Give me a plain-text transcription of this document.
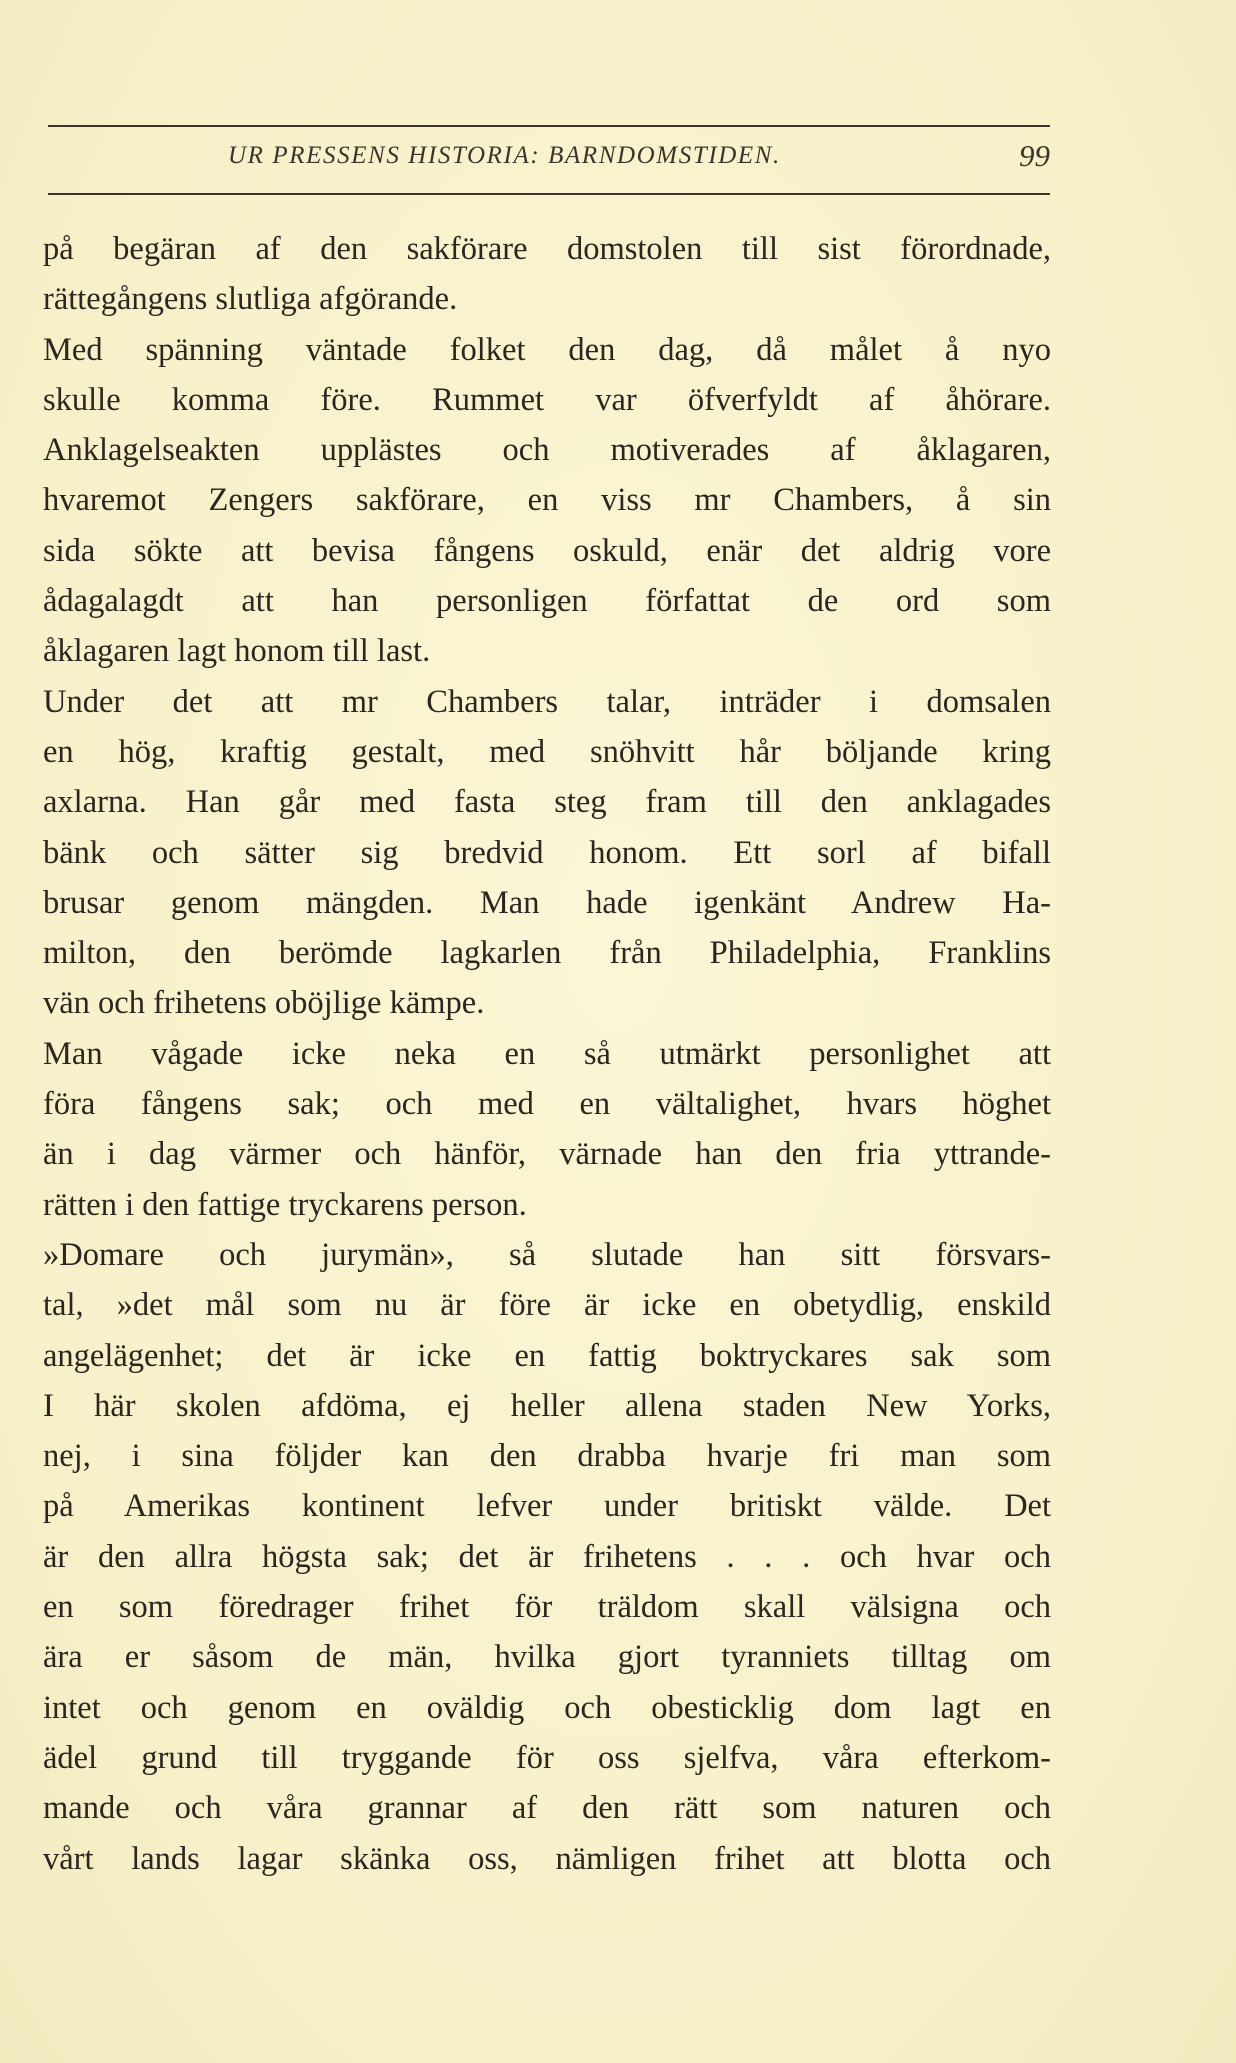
UR PRESSENS HISTORIA: BARNDOMSTIDEN.	99
på begäran af den sakförare domstolen till sist förordnade,
rättegångens slutliga afgörande.
Med spänning väntade folket den dag, då målet å nyo
skulle komma före. Rummet var öfverfyldt af åhörare.
Anklagelseakten upplästes och motiverades af åklagaren,
hvaremot Zengers sakförare, en viss mr Chambers, å sin
sida sökte att bevisa fångens oskuld, enär det aldrig vore
ådagalagdt att han personligen författat de ord som
åklagaren lagt honom till last.
Under det att mr Chambers talar, inträder i domsalen
en hög, kraftig gestalt, med snöhvitt hår böljande kring
axlarna. Han går med fasta steg fram till den anklagades
bänk och sätter sig bredvid honom. Ett sorl af bifall
brusar genom mängden. Man hade igenkänt Andrew Ha-
milton, den berömde lagkarlen från Philadelphia, Franklins
vän och frihetens oböjlige kämpe.
Man vågade icke neka en så utmärkt personlighet att
föra fångens sak; och med en vältalighet, hvars höghet
än i dag värmer och hänför, värnade han den fria yttrande-
rätten i den fattige tryckarens person.
»Domare och jurymän», så slutade han sitt försvars-
tal, »det mål som nu är före är icke en obetydlig, enskild
angelägenhet; det är icke en fattig boktryckares sak som
I här skolen afdöma, ej heller allena staden New Yorks,
nej, i sina följder kan den drabba hvarje fri man som
på Amerikas kontinent lefver under britiskt välde. Det
är den allra högsta sak; det är frihetens . . . och hvar och
en som föredrager frihet för träldom skall välsigna och
ära er såsom de män, hvilka gjort tyranniets tilltag om
intet och genom en oväldig och obesticklig dom lagt en
ädel grund till tryggande för oss sjelfva, våra efterkom-
mande och våra grannar af den rätt som naturen och
vårt lands lagar skänka oss, nämligen frihet att blotta och
